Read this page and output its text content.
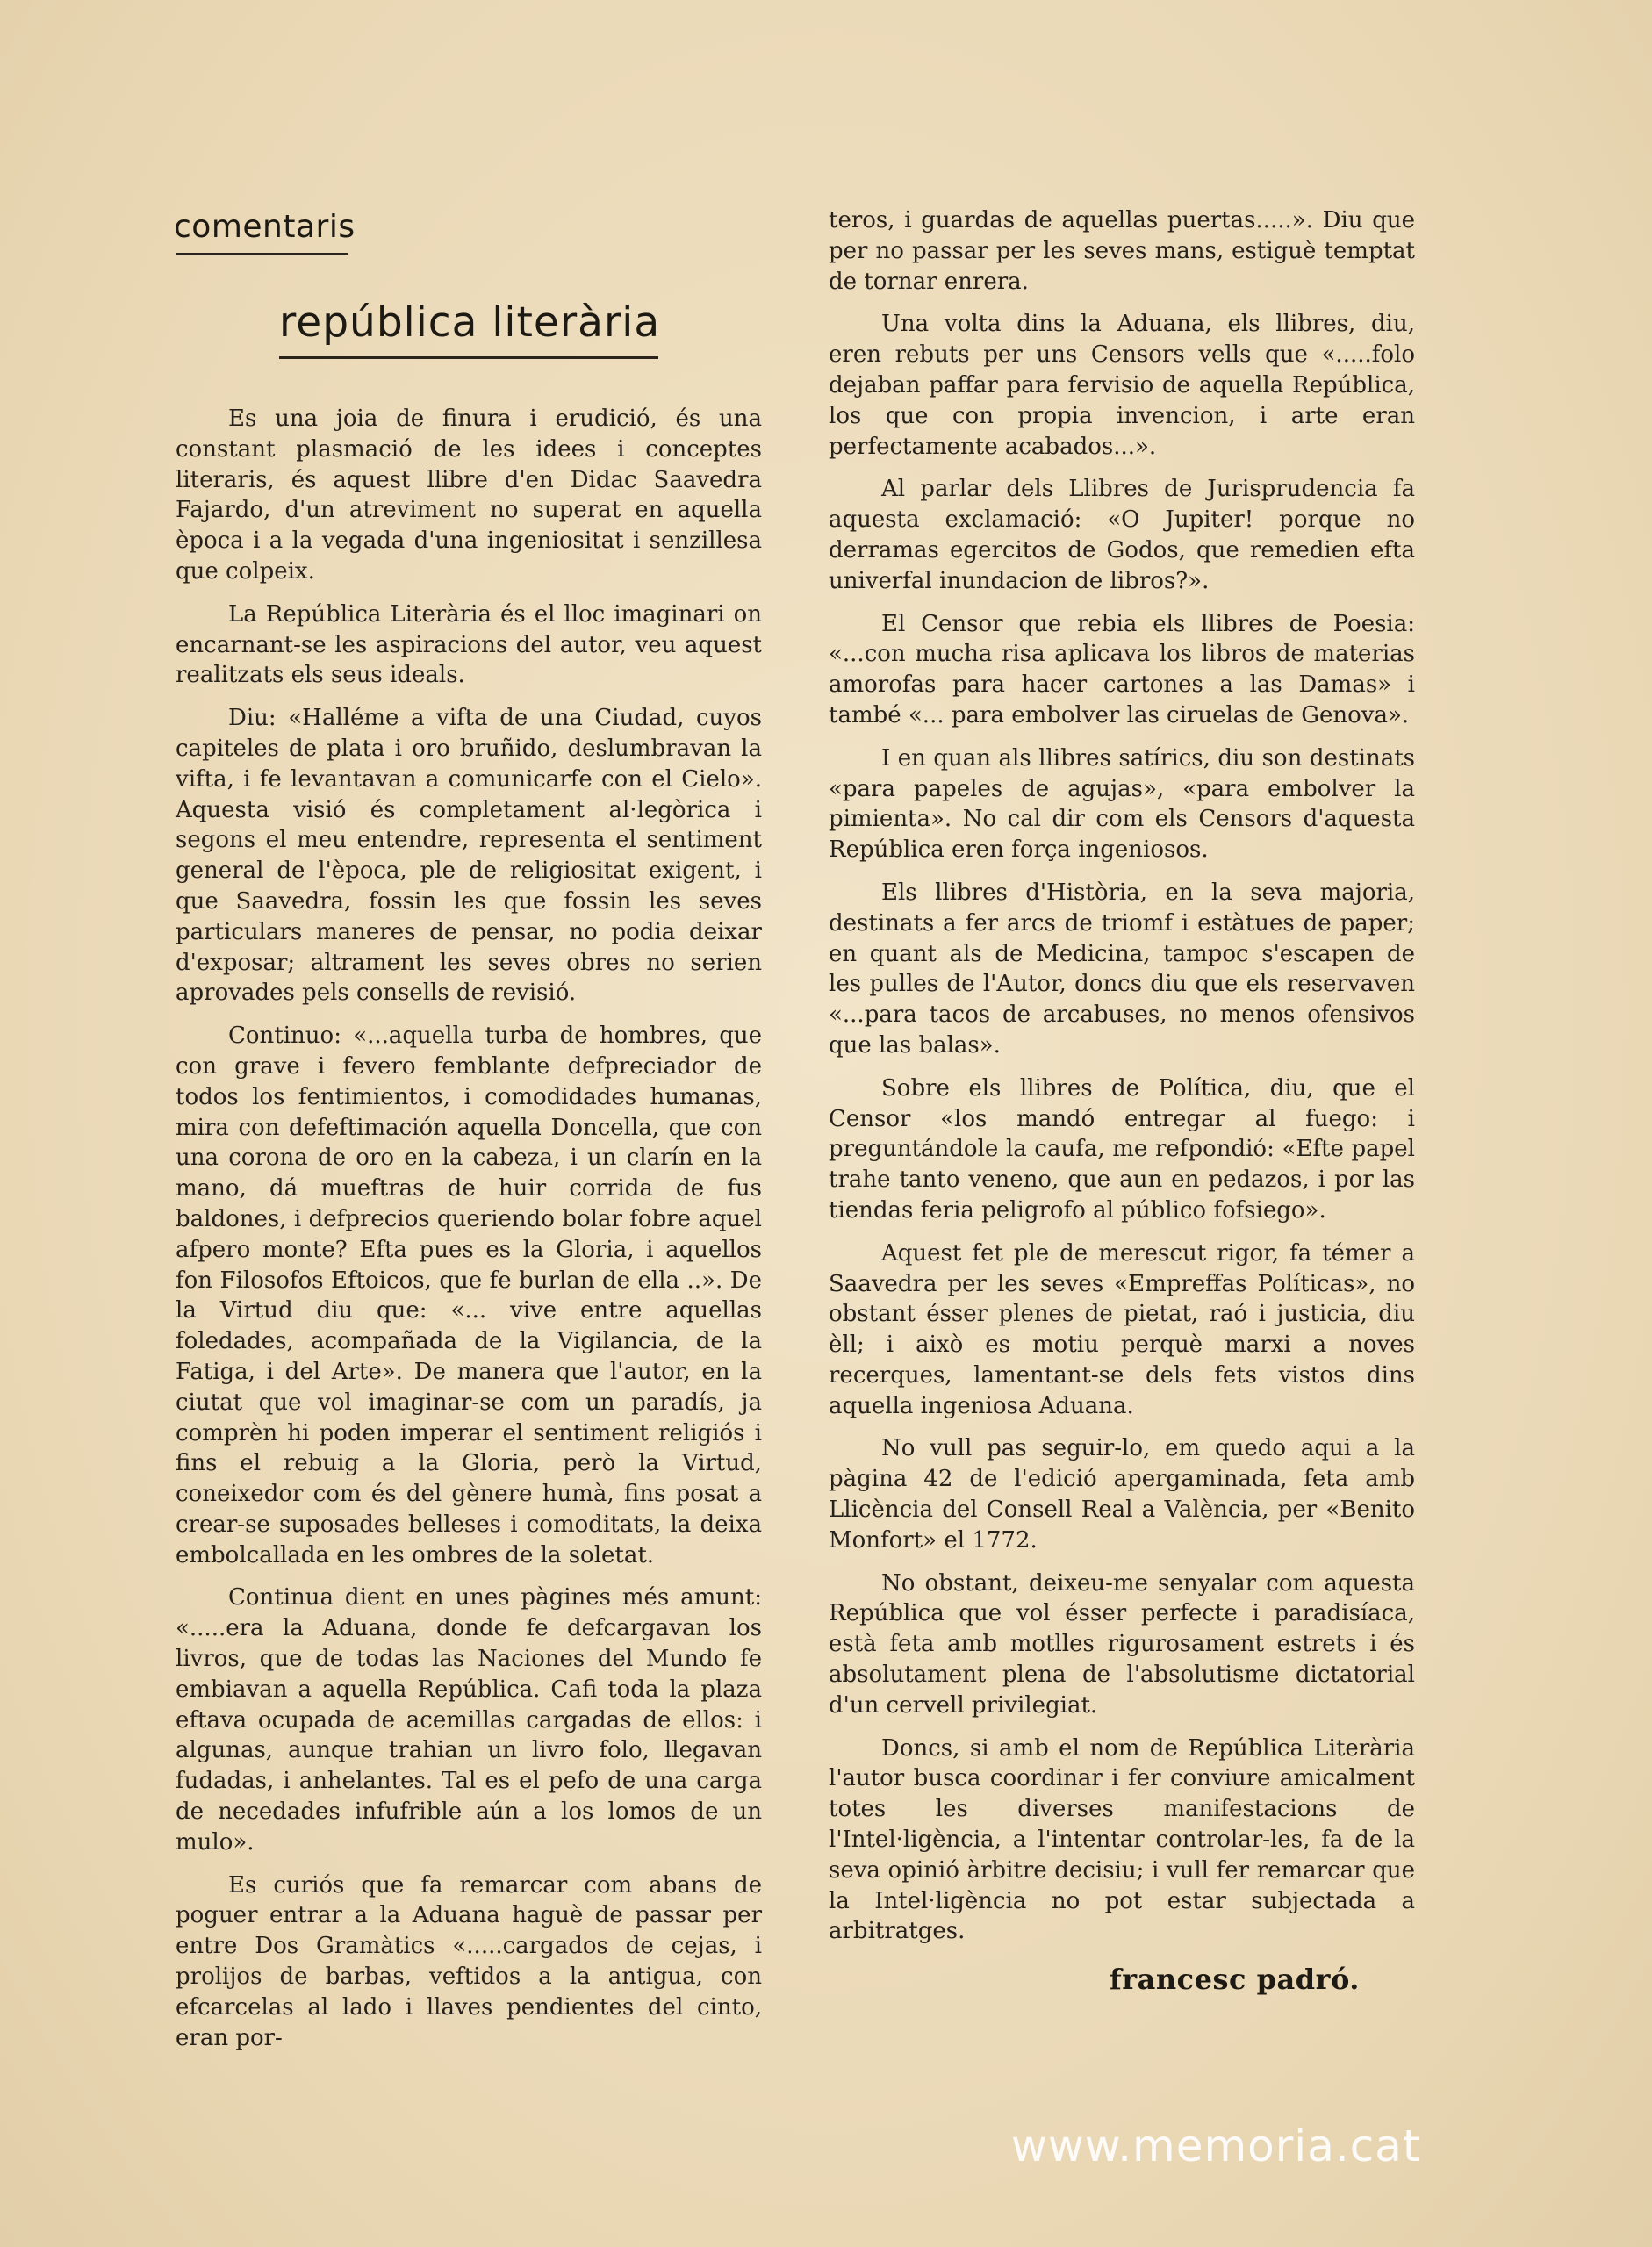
comentaris
república literària

Es una joia de finura i erudició, és una constant plasmació de les idees i conceptes literaris, és aquest llibre d'en Didac Saavedra Fajardo, d'un atreviment no superat en aquella època i a la vegada d'una ingeniositat i senzillesa que colpeix.

La República Literària és el lloc imaginari on encarnant-se les aspiracions del autor, veu aquest realitzats els seus ideals.

Diu: «Halléme a vifta de una Ciudad, cuyos capiteles de plata i oro bruñido, deslumbravan la vifta, i fe levantavan a comunicarfe con el Cielo». Aquesta visió és completament al·legòrica i segons el meu entendre, representa el sentiment general de l'època, ple de religiositat exigent, i que Saavedra, fossin les que fossin les seves particulars maneres de pensar, no podia deixar d'exposar; altrament les seves obres no serien aprovades pels consells de revisió.

Continuo: «...aquella turba de hombres, que con grave i fevero femblante defpreciador de todos los fentimientos, i comodidades humanas, mira con defeftimación aquella Doncella, que con una corona de oro en la cabeza, i un clarín en la mano, dá mueftras de huir corrida de fus baldones, i defprecios queriendo bolar fobre aquel afpero monte? Efta pues es la Gloria, i aquellos fon Filosofos Eftoicos, que fe burlan de ella ..». De la Virtud diu que: «... vive entre aquellas foledades, acompañada de la Vigilancia, de la Fatiga, i del Arte». De manera que l'autor, en la ciutat que vol imaginar-se com un paradís, ja comprèn hi poden imperar el sentiment religiós i fins el rebuig a la Gloria, però la Virtud, coneixedor com és del gènere humà, fins posat a crear-se suposades belleses i comoditats, la deixa embolcallada en les ombres de la soletat.

Continua dient en unes pàgines més amunt: «.....era la Aduana, donde fe defcargavan los livros, que de todas las Naciones del Mundo fe embiavan a aquella República. Cafi toda la plaza eftava ocupada de acemillas cargadas de ellos: i algunas, aunque trahian un livro folo, llegavan fudadas, i anhelantes. Tal es el pefo de una carga de necedades infufrible aún a los lomos de un mulo».

Es curiós que fa remarcar com abans de poguer entrar a la Aduana haguè de passar per entre Dos Gramàtics «.....cargados de cejas, i prolijos de barbas, veftidos a la antigua, con efcarcelas al lado i llaves pendientes del cinto, eran por-

teros, i guardas de aquellas puertas.....». Diu que per no passar per les seves mans, estiguè temptat de tornar enrera.

Una volta dins la Aduana, els llibres, diu, eren rebuts per uns Censors vells que «.....folo dejaban paffar para fervisio de aquella República, los que con propia invencion, i arte eran perfectamente acabados...».

Al parlar dels Llibres de Jurisprudencia fa aquesta exclamació: «O Jupiter! porque no derramas egercitos de Godos, que remedien efta univerfal inundacion de libros?».

El Censor que rebia els llibres de Poesia: «...con mucha risa aplicava los libros de materias amorofas para hacer cartones a las Damas» i també «... para embolver las ciruelas de Genova».

I en quan als llibres satírics, diu son destinats «para papeles de agujas», «para embolver la pimienta». No cal dir com els Censors d'aquesta República eren força ingeniosos.

Els llibres d'Història, en la seva majoria, destinats a fer arcs de triomf i estàtues de paper; en quant als de Medicina, tampoc s'escapen de les pulles de l'Autor, doncs diu que els reservaven «...para tacos de arcabuses, no menos ofensivos que las balas».

Sobre els llibres de Política, diu, que el Censor «los mandó entregar al fuego: i preguntándole la caufa, me refpondió: «Efte papel trahe tanto veneno, que aun en pedazos, i por las tiendas feria peligrofo al público fofsiego».

Aquest fet ple de merescut rigor, fa témer a Saavedra per les seves «Empreffas Políticas», no obstant ésser plenes de pietat, raó i justicia, diu èll; i això es motiu perquè marxi a noves recerques, lamentant-se dels fets vistos dins aquella ingeniosa Aduana.

No vull pas seguir-lo, em quedo aqui a la pàgina 42 de l'edició apergaminada, feta amb Llicència del Consell Real a València, per «Benito Monfort» el 1772.

No obstant, deixeu-me senyalar com aquesta República que vol ésser perfecte i paradisíaca, està feta amb motlles rigurosament estrets i és absolutament plena de l'absolutisme dictatorial d'un cervell privilegiat.

Doncs, si amb el nom de República Literària l'autor busca coordinar i fer conviure amicalment totes les diverses manifestacions de l'Intel·ligència, a l'intentar controlar-les, fa de la seva opinió àrbitre decisiu; i vull fer remarcar que la Intel·ligència no pot estar subjectada a arbitratges.

francesc padró.
www.memoria.cat
